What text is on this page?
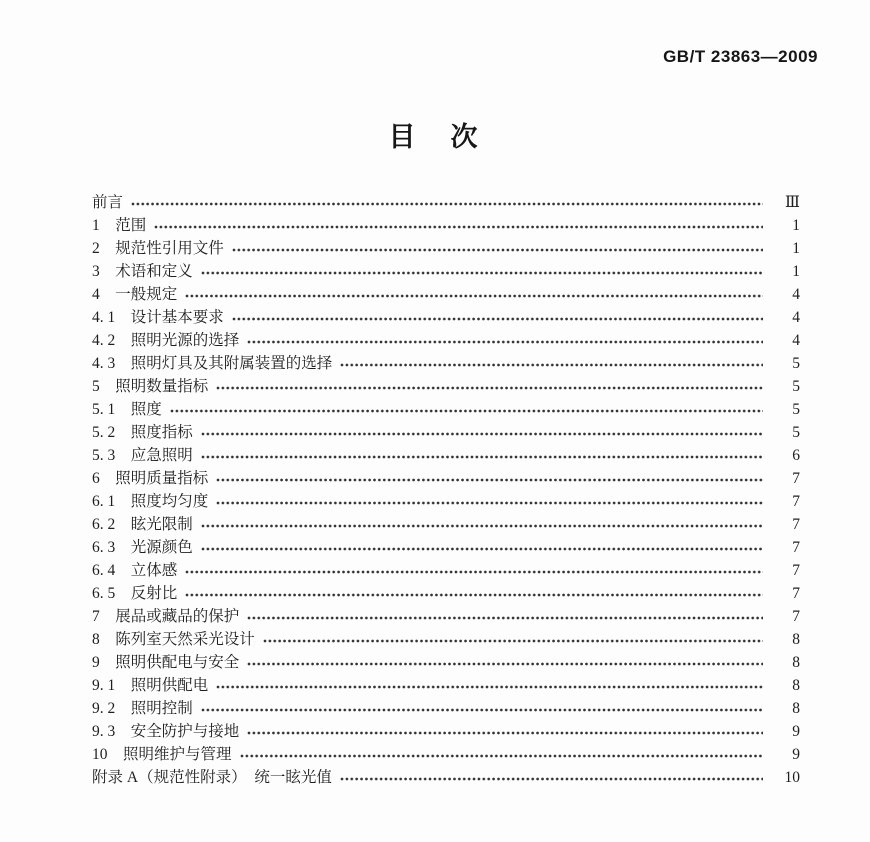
GB/T 23863—2009
目　次
前言	Ⅲ
1　范围	1
2　规范性引用文件	1
3　术语和定义	1
4　一般规定	4
4. 1　设计基本要求	4
4. 2　照明光源的选择	4
4. 3　照明灯具及其附属装置的选择	5
5　照明数量指标	5
5. 1　照度	5
5. 2　照度指标	5
5. 3　应急照明	6
6　照明质量指标	7
6. 1　照度均匀度	7
6. 2　眩光限制	7
6. 3　光源颜色	7
6. 4　立体感	7
6. 5　反射比	7
7　展品或藏品的保护	7
8　陈列室天然采光设计	8
9　照明供配电与安全	8
9. 1　照明供配电	8
9. 2　照明控制	8
9. 3　安全防护与接地	9
10　照明维护与管理	9
附录 A（规范性附录）　统一眩光值	10
